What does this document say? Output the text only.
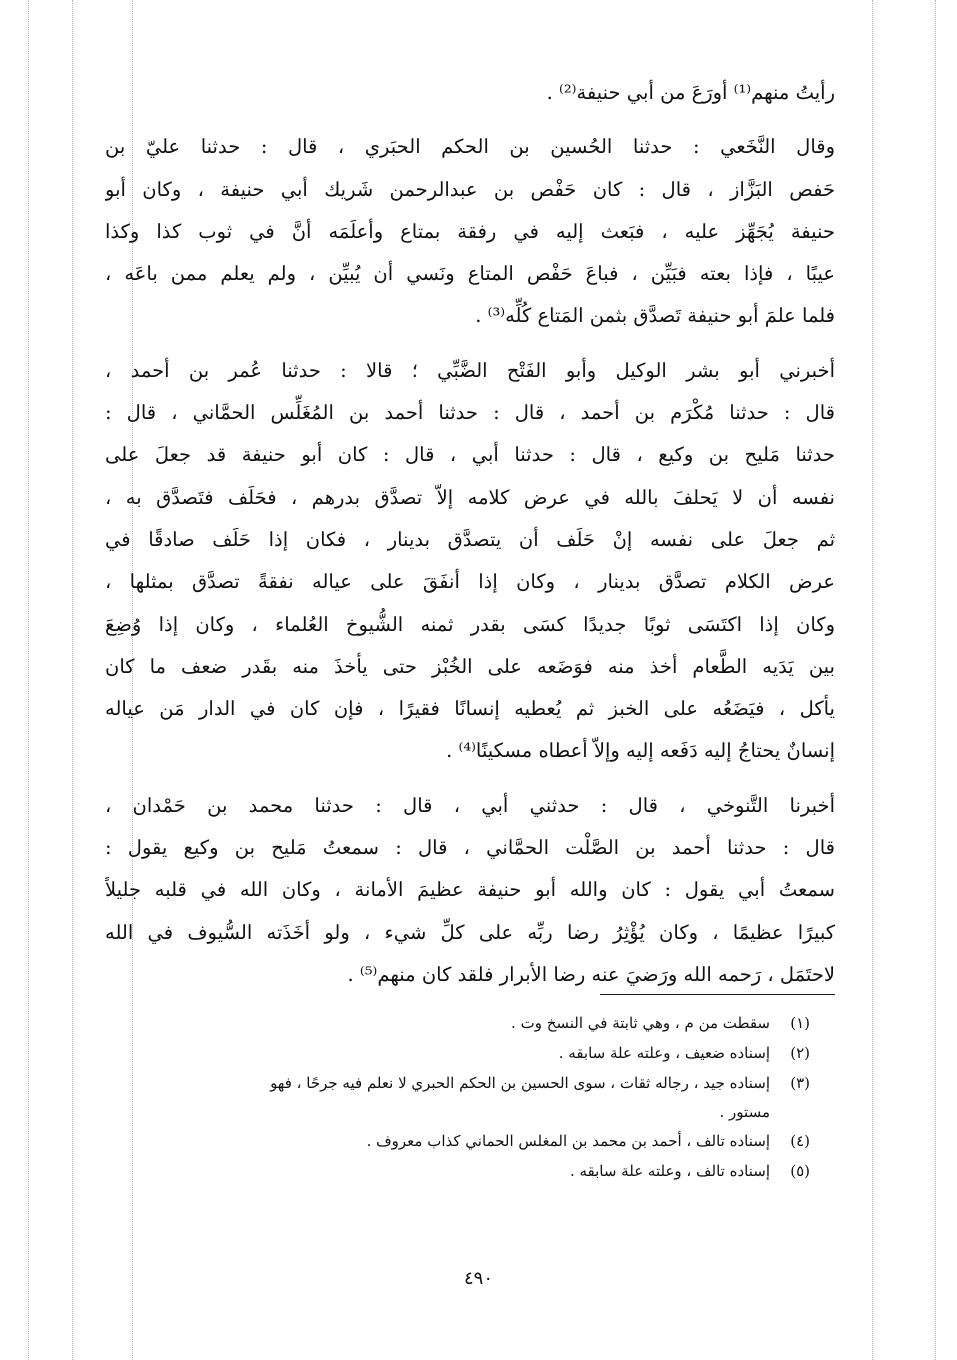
رأيتُ منهم⁽¹⁾ أورَعَ من أبي حنيفة⁽²⁾ .
وقال النَّخَعي : حدثنا الحُسين بن الحكم الحبَري ، قال : حدثنا عليّ بن
حَفص البَزَّاز ، قال : كان حَفْص بن عبدالرحمن شَريك أبي حنيفة ، وكان أبو
حنيفة يُجَهِّز عليه ، فبَعث إليه في رفقة بمتاع وأعلَمَه أنَّ في ثوب كذا وكذا
عيبًا ، فإذا بعته فبَيِّن ، فباعَ حَفْص المتاع ونَسي أن يُبيِّن ، ولم يعلم ممن باعَه ،
فلما علمَ أبو حنيفة تَصدَّق بثمن المَتاع كُلِّه⁽³⁾ .
أخبرني أبو بشر الوكيل وأبو الفَتْح الضَّبِّي ؛ قالا : حدثنا عُمر بن أحمد ،
قال : حدثنا مُكْرَم بن أحمد ، قال : حدثنا أحمد بن المُغَلِّس الحمَّاني ، قال :
حدثنا مَليح بن وكيع ، قال : حدثنا أبي ، قال : كان أبو حنيفة قد جعلَ على
نفسه أن لا يَحلفَ بالله في عرض كلامه إلاّ تصدَّق بدرهم ، فحَلَف فتَصدَّق به ،
ثم جعلَ على نفسه إنْ حَلَف أن يتصدَّق بدينار ، فكان إذا حَلَف صادقًا في
عرض الكلام تصدَّق بدينار ، وكان إذا أنفَقَ على عياله نفقةً تصدَّق بمثلها ،
وكان إذا اكتَسَى ثوبًا جديدًا كسَى بقدر ثمنه الشُّيوخ العُلماء ، وكان إذا وُضِعَ
بين يَدَيه الطَّعام أخذ منه فوَضَعه على الخُبْز حتى يأخذَ منه بقَدر ضعف ما كان
يأكل ، فيَضَعُه على الخبز ثم يُعطيه إنسانًا فقيرًا ، فإن كان في الدار مَن عياله
إنسانٌ يحتاجُ إليه دَفَعه إليه وإلاّ أعطاه مسكينًا⁽⁴⁾ .
أخبرنا التَّنوخي ، قال : حدثني أبي ، قال : حدثنا محمد بن حَمْدان ،
قال : حدثنا أحمد بن الصَّلْت الحمَّاني ، قال : سمعتُ مَليح بن وكيع يقول :
سمعتُ أبي يقول : كان والله أبو حنيفة عظيمَ الأمانة ، وكان الله في قلبه جليلاً
كبيرًا عظيمًا ، وكان يُؤْثِرُ رضا ربِّه على كلِّ شيء ، ولو أخَذَته السُّيوف في الله
لاحتَمَل ، رَحمه الله ورَضيَ عنه رضا الأبرار فلقد كان منهم⁽⁵⁾ .
(١)
سقطت من م ، وهي ثابتة في النسخ وت .
(٢)
إسناده ضعيف ، وعلته علة سابقه .
(٣)
إسناده جيد ، رجاله ثقات ، سوى الحسين بن الحكم الحبري لا نعلم فيه جرحًا ، فهو
مستور .
(٤)
إسناده تالف ، أحمد بن محمد بن المغلس الحماني كذاب معروف .
(٥)
إسناده تالف ، وعلته علة سابقه .
٤٩٠
